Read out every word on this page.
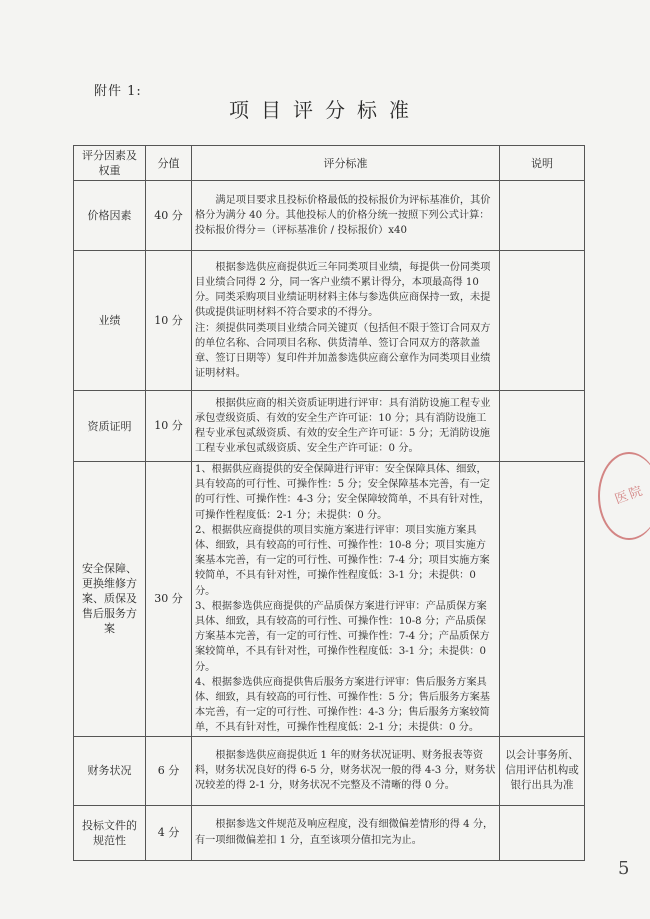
附件 1:
项目评分标准
评分因素及权重	分值	评分标准	说明
价格因素	40 分	满足项目要求且投标价格最低的投标报价为评标基准价，其价格分为满分 40 分。其他投标人的价格分统一按照下列公式计算：投标报价得分＝（评标基准价 / 投标报价）x40	

业绩	10 分	根据参选供应商提供近三年同类项目业绩，每提供一份同类项目业绩合同得 2 分，同一客户业绩不累计得分，本项最高得 10 分。同类采购项目业绩证明材料主体与参选供应商保持一致，未提供或提供证明材料不符合要求的不得分。
注：须提供同类项目业绩合同关键页（包括但不限于签订合同双方的单位名称、合同项目名称、供货清单、签订合同双方的落款盖章、签订日期等）复印件并加盖参选供应商公章作为同类项目业绩证明材料。	

资质证明	10 分	根据供应商的相关资质证明进行评审：具有消防设施工程专业承包壹级资质、有效的安全生产许可证：10 分；具有消防设施工程专业承包贰级资质、有效的安全生产许可证：5 分；无消防设施工程专业承包贰级资质、安全生产许可证：0 分。	

安全保障、更换维修方案、质保及售后服务方案	30 分	1、根据供应商提供的安全保障进行评审：安全保障具体、细致，具有较高的可行性、可操作性：5 分；安全保障基本完善，有一定的可行性、可操作性：4-3 分；安全保障较简单，不具有针对性，可操作性程度低：2-1 分；未提供：0 分。
2、根据供应商提供的项目实施方案进行评审：项目实施方案具体、细致，具有较高的可行性、可操作性：10-8 分；项目实施方案基本完善，有一定的可行性、可操作性：7-4 分；项目实施方案较简单，不具有针对性，可操作性程度低：3-1 分；未提供：0 分。
3、根据参选供应商提供的产品质保方案进行评审：产品质保方案具体、细致，具有较高的可行性、可操作性：10-8 分；产品质保方案基本完善，有一定的可行性、可操作性：7-4 分；产品质保方案较简单，不具有针对性，可操作性程度低：3-1 分；未提供：0 分。
4、根据参选供应商提供售后服务方案进行评审：售后服务方案具体、细致，具有较高的可行性、可操作性：5 分；售后服务方案基本完善，有一定的可行性、可操作性：4-3 分；售后服务方案较简单，不具有针对性，可操作性程度低：2-1 分；未提供：0 分。	

财务状况	6 分	根据参选供应商提供近 1 年的财务状况证明、财务报表等资料，财务状况良好的得 6-5 分，财务状况一般的得 4-3 分，财务状况较差的得 2-1 分，财务状况不完整及不清晰的得 0 分。	以会计事务所、信用评估机构或银行出具为准
投标文件的规范性	4 分	根据参选文件规范及响应程度，没有细微偏差情形的得 4 分，有一项细微偏差扣 1 分，直至该项分值扣完为止。	

医院
5
